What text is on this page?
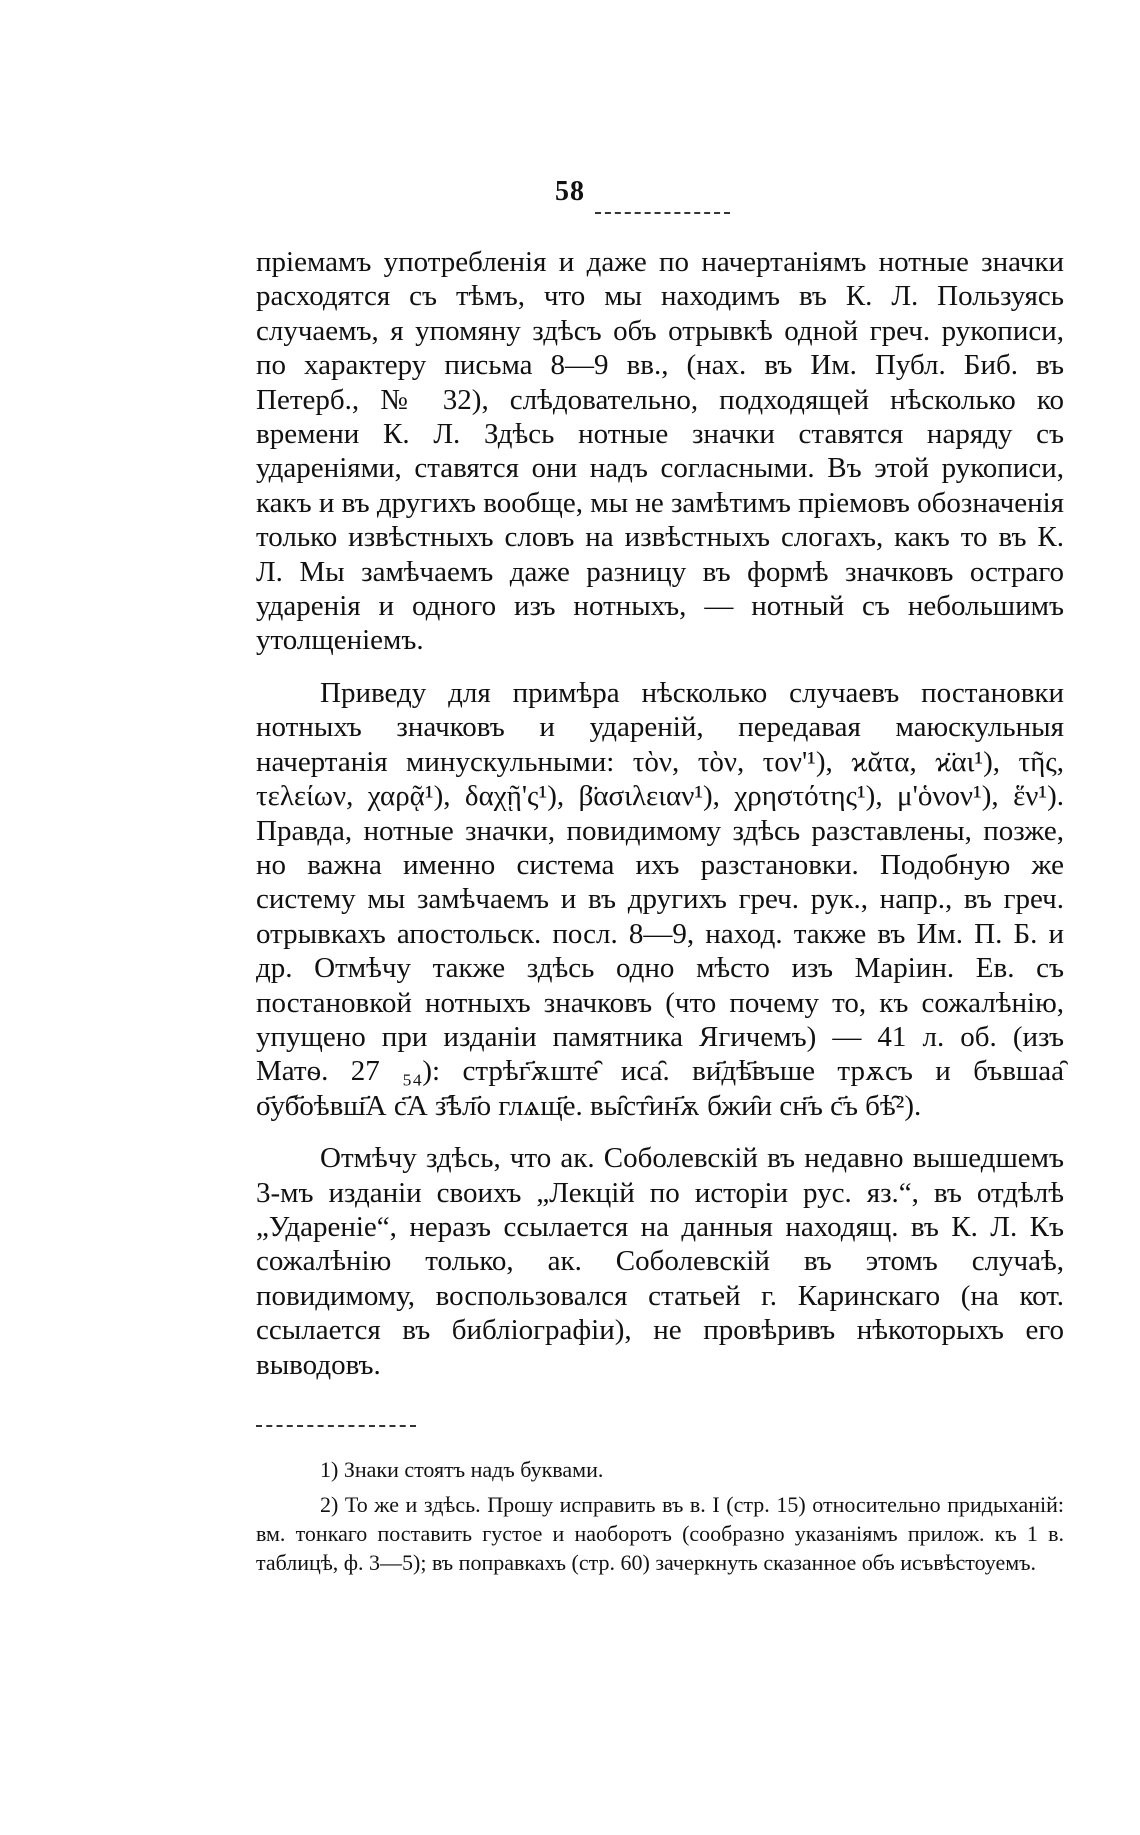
58

пріемамъ употребленія и даже по начертаніямъ нотные значки расходятся съ тѣмъ, что мы находимъ въ К. Л. Пользуясь случаемъ, я упомяну здѣсъ объ отрывкѣ одной греч. рукописи, по характеру письма 8—9 вв., (нах. въ Им. Публ. Биб. въ Петерб., № 32), слѣдовательно, подходящей нѣсколько ко времени К. Л. Здѣсь нотные значки ставятся наряду съ удареніями, ставятся они надъ согласными. Въ этой рукописи, какъ и въ другихъ вообще, мы не замѣтимъ пріемовъ обозначенія только извѣстныхъ словъ на извѣстныхъ слогахъ, какъ то въ К. Л. Мы замѣчаемъ даже разницу въ формѣ значковъ остраго ударенія и одного изъ нотныхъ, — нотный съ небольшимъ утолщеніемъ.

Приведу для примѣра нѣсколько случаевъ постановки нотныхъ значковъ и удареній, передавая маюскульныя начертанія минускульными: τὸν, τὸν, τον'¹), ϰᾰτα, ϰ̈αι¹), τῆς, τελείων, χαρᾷ¹), δαχῇ'ς¹), β̈ασιλειαν¹), χρηστότης¹), μ'ὁνον¹), ἕν¹). Правда, нотные значки, повидимому здѣсь разставлены, позже, но важна именно система ихъ разстановки. Подобную же систему мы замѣчаемъ и въ другихъ греч. рук., напр., въ греч. отрывкахъ апостольск. посл. 8—9, наход. также въ Им. П. Б. и др. Отмѣчу также здѣсь одно мѣсто изъ Маріин. Ев. съ постановкой нотныхъ значковъ (что почему то, къ сожалѣнію, упущено при изданіи памятника Ягичемъ) — 41 л. об. (изъ Матѳ. 27 ₅₄): стрѣг҃ѫште̑ иса̑. ви҃дѣ҃въше трѫсъ и бъвшаа̑ о҃уб҃оѣвш҃А с҃А з҃ѣл҃о глѧщ҃е. вы̑ст̑ин҃ѫ бжи̑и сн҃ъ с҃ъ бѣ̑²).

Отмѣчу здѣсь, что ак. Соболевскій въ недавно вышедшемъ 3-мъ изданіи своихъ „Лекцій по исторіи рус. яз.“, въ отдѣлѣ „Удареніе“, неразъ ссылается на данныя находящ. въ К. Л. Къ сожалѣнію только, ак. Соболевскій въ этомъ случаѣ, повидимому, воспользовался статьей г. Каринскаго (на кот. ссылается въ библіографіи), не провѣривъ нѣкоторыхъ его выводовъ.

1) Знаки стоятъ надъ буквами.

2) То же и здѣсь. Прошу исправить въ в. I (стр. 15) относительно придыханій: вм. тонкаго поставить густое и наоборотъ (сообразно указаніямъ прилож. къ 1 в. таблицѣ, ф. 3—5); въ поправкахъ (стр. 60) зачеркнуть сказанное объ исъвѣстоуемъ.
